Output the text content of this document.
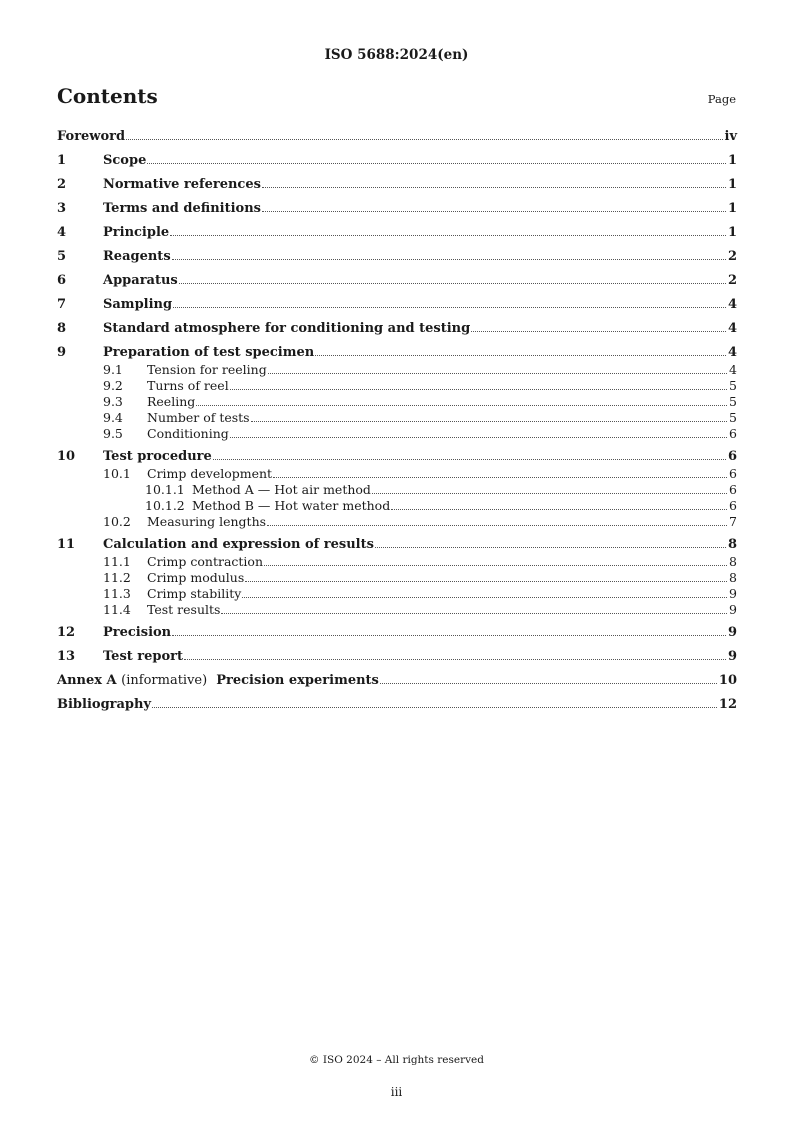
ISO 5688:2024(en)
Contents	Page
Foreword	iv
1	Scope	1
2	Normative references	1
3	Terms and definitions	1
4	Principle	1
5	Reagents	2
6	Apparatus	2
7	Sampling	4
8	Standard atmosphere for conditioning and testing	4
9	Preparation of test specimen	4
9.1 Tension for reeling	4
9.2 Turns of reel	5
9.3 Reeling	5
9.4 Number of tests	5
9.5 Conditioning	6
10 Test procedure	6
10.1 Crimp development	6
10.1.1 Method A — Hot air method	6
10.1.2 Method B — Hot water method	6
10.2 Measuring lengths	7
11 Calculation and expression of results	8
11.1 Crimp contraction	8
11.2 Crimp modulus	8
11.3 Crimp stability	9
11.4 Test results	9
12 Precision	9
13 Test report	9
Annex A (informative) Precision experiments	10
Bibliography	12
© ISO 2024 – All rights reserved
iii
